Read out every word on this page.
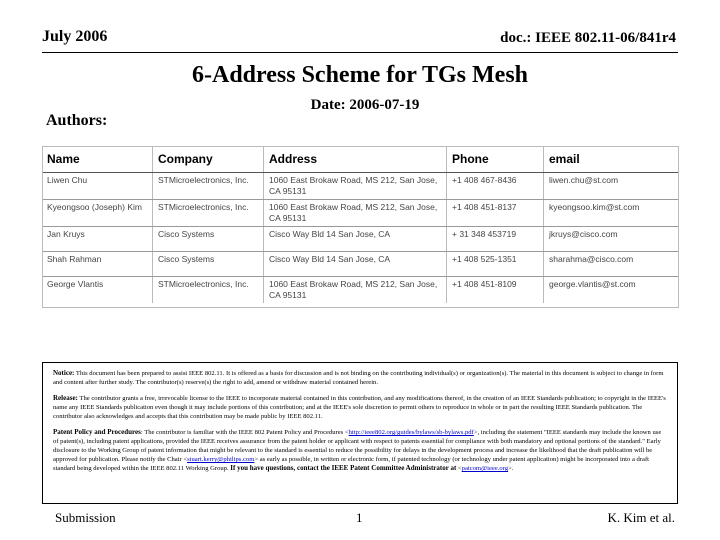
July 2006	doc.: IEEE 802.11-06/841r4
6-Address Scheme for TGs Mesh
Date: 2006-07-19
Authors:
Name	Company	Address	Phone	email
Liwen Chu	STMicroelectronics, Inc.	1060 East Brokaw Road, MS 212, San Jose, CA 95131	+1 408 467-8436	liwen.chu@st.com
Kyeongsoo (Joseph) Kim	STMicroelectronics, Inc.	1060 East Brokaw Road, MS 212, San Jose, CA 95131	+1 408 451-8137	kyeongsoo.kim@st.com
Jan Kruys	Cisco Systems	Cisco Way Bld 14 San Jose, CA	+ 31 348 453719	jkruys@cisco.com
Shah Rahman	Cisco Systems	Cisco Way Bld 14 San Jose, CA	+1 408 525-1351	sharahma@cisco.com
George Vlantis	STMicroelectronics, Inc.	1060 East Brokaw Road, MS 212, San Jose, CA 95131	+1 408 451-8109	george.vlantis@st.com

Notice: This document has been prepared to assist IEEE 802.11. It is offered as a basis for discussion and is not binding on the contributing individual(s) or organization(s). The material in this document is subject to change in form and content after further study. The contributor(s) reserve(s) the right to add, amend or withdraw material contained herein.

Release: The contributor grants a free, irrevocable license to the IEEE to incorporate material contained in this contribution, and any modifications thereof, in the creation of an IEEE Standards publication; to copyright in the IEEE's name any IEEE Standards publication even though it may include portions of this contribution; and at the IEEE's sole discretion to permit others to reproduce in whole or in part the resulting IEEE Standards publication. The contributor also acknowledges and accepts that this contribution may be made public by IEEE 802.11.

Patent Policy and Procedures: The contributor is familiar with the IEEE 802 Patent Policy and Procedures <http://ieee802.org/guides/bylaws/sb-bylaws.pdf>, including the statement "IEEE standards may include the known use of patent(s), including patent applications, provided the IEEE receives assurance from the patent holder or applicant with respect to patents essential for compliance with both mandatory and optional portions of the standard." Early disclosure to the Working Group of patent information that might be relevant to the standard is essential to reduce the possibility for delays in the development process and increase the likelihood that the draft publication will be approved for publication. Please notify the Chair <stuart.kerry@philips.com> as early as possible, in written or electronic form, if patented technology (or technology under patent application) might be incorporated into a draft standard being developed within the IEEE 802.11 Working Group. If you have questions, contact the IEEE Patent Committee Administrator at <patcom@ieee.org>.

Submission	1	K. Kim et al.
